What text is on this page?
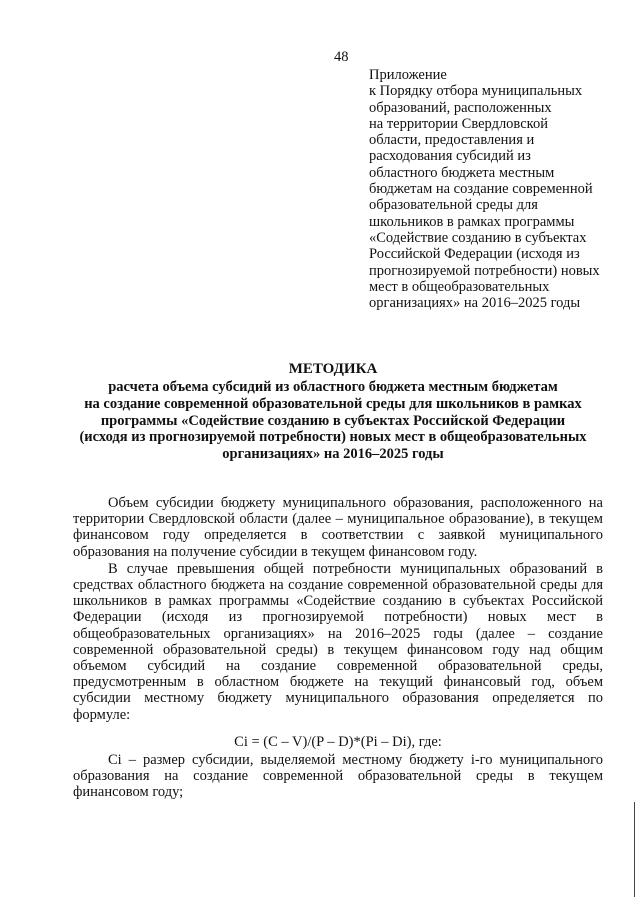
48
Приложение
к Порядку отбора муниципальных
образований, расположенных
на территории Свердловской
области, предоставления и
расходования субсидий из
областного бюджета местным
бюджетам на создание современной
образовательной среды для
школьников в рамках программы
«Содействие созданию в субъектах
Российской Федерации (исходя из
прогнозируемой потребности) новых
мест в общеобразовательных
организациях» на 2016–2025 годы
МЕТОДИКА
расчета объема субсидий из областного бюджета местным бюджетам
на создание современной образовательной среды для школьников в рамках
программы «Содействие созданию в субъектах Российской Федерации
(исходя из прогнозируемой потребности) новых мест в общеобразовательных
организациях» на 2016–2025 годы

Объем субсидии бюджету муниципального образования, расположенного на территории Свердловской области (далее – муниципальное образование), в текущем финансовом году определяется в соответствии с заявкой муниципального образования на получение субсидии в текущем финансовом году.

В случае превышения общей потребности муниципальных образований в средствах областного бюджета на создание современной образовательной среды для школьников в рамках программы «Содействие созданию в субъектах Российской Федерации (исходя из прогнозируемой потребности) новых мест в общеобразовательных организациях» на 2016–2025 годы (далее – создание современной образовательной среды) в текущем финансовом году над общим объемом субсидий на создание современной образовательной среды, предусмотренным в областном бюджете на текущий финансовый год, объем субсидии местному бюджету муниципального образования определяется по формуле:

Ci = (C – V)/(P – D)*(Pi – Di), где:

Ci – размер субсидии, выделяемой местному бюджету i-го муниципального образования на создание современной образовательной среды в текущем финансовом году;
